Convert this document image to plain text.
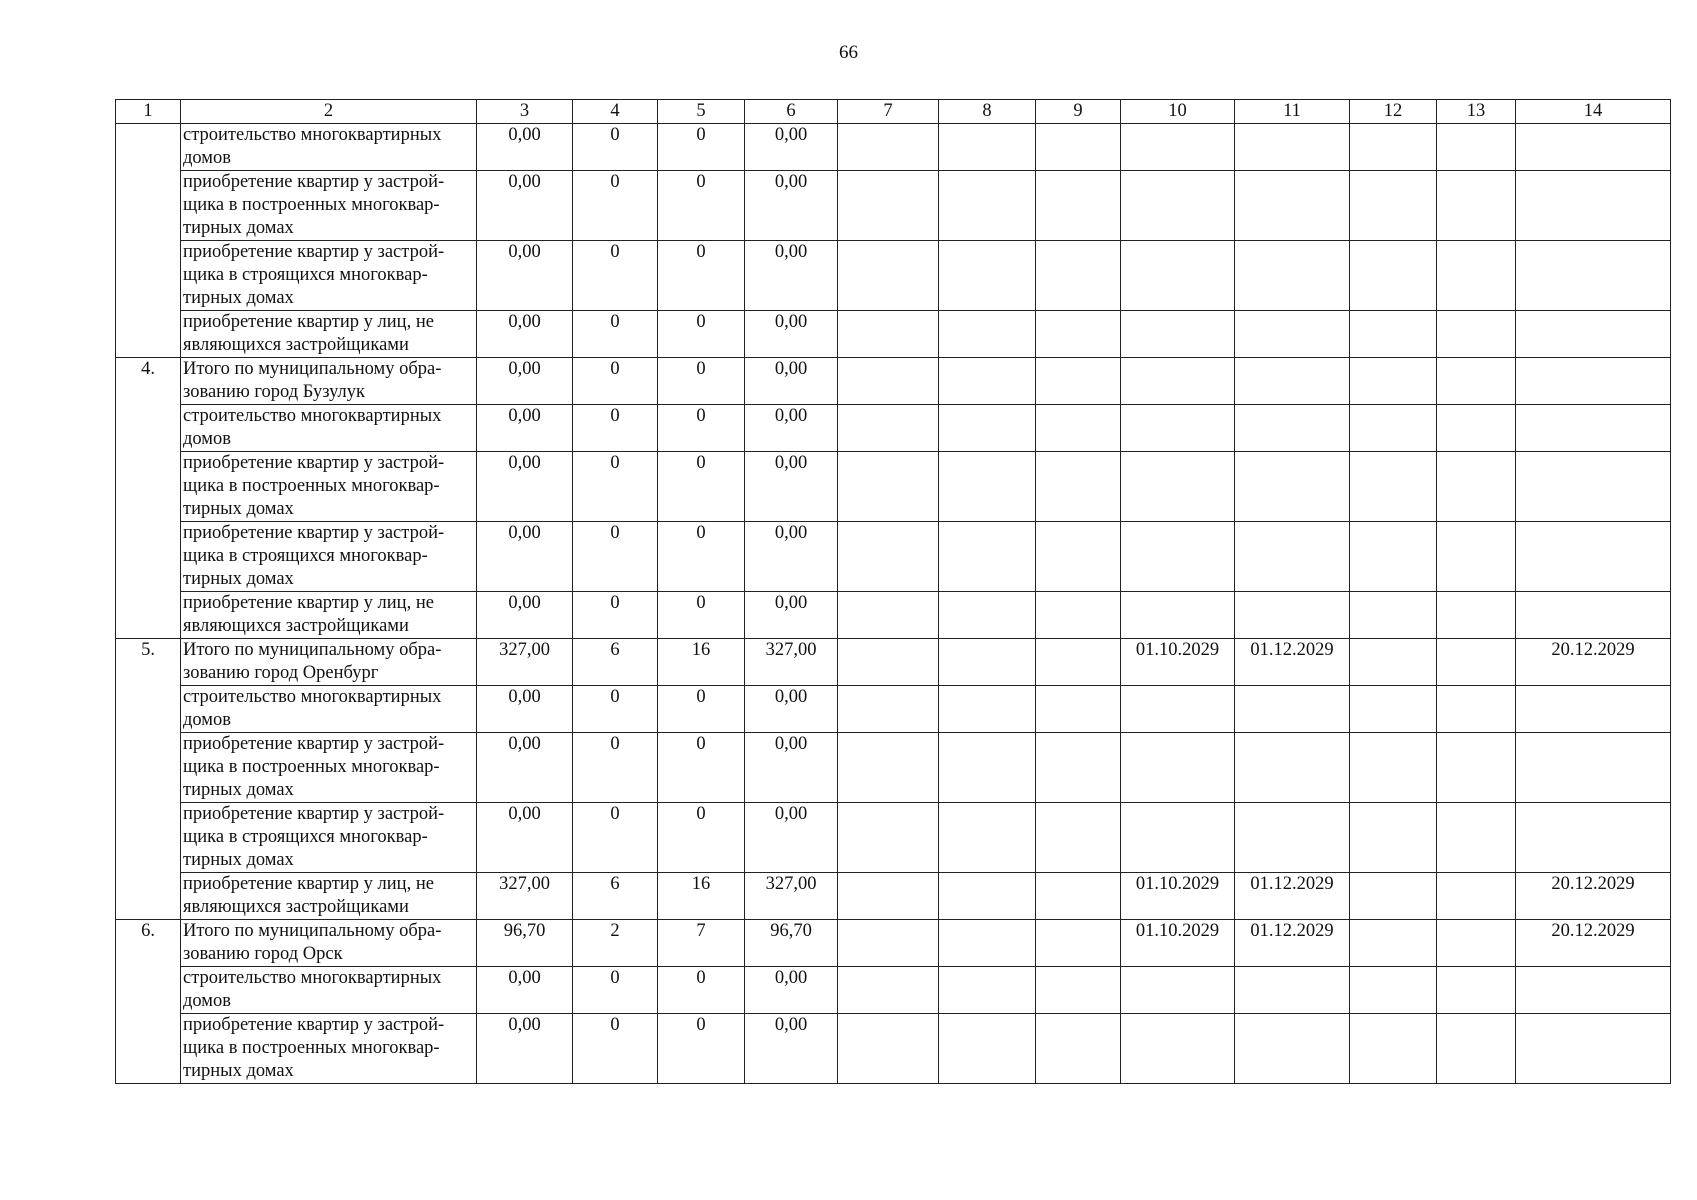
66
1	2	3	4	5	6	7	8	9	10	11	12	13	14
	строительство многоквартирных домов	0,00	0	0	0,00								
	приобретение квартир у застрой-щика в построенных многоквар-тирных домах	0,00	0	0	0,00								
	приобретение квартир у застрой-щика в строящихся многоквар-тирных домах	0,00	0	0	0,00								
	приобретение квартир у лиц, не являющихся застройщиками	0,00	0	0	0,00								
4.	Итого по муниципальному обра-зованию город Бузулук	0,00	0	0	0,00								
	строительство многоквартирных домов	0,00	0	0	0,00								
	приобретение квартир у застрой-щика в построенных многоквар-тирных домах	0,00	0	0	0,00								
	приобретение квартир у застрой-щика в строящихся многоквар-тирных домах	0,00	0	0	0,00								
	приобретение квартир у лиц, не являющихся застройщиками	0,00	0	0	0,00								
5.	Итого по муниципальному обра-зованию город Оренбург	327,00	6	16	327,00				01.10.2029	01.12.2029			20.12.2029
	строительство многоквартирных домов	0,00	0	0	0,00								
	приобретение квартир у застрой-щика в построенных многоквар-тирных домах	0,00	0	0	0,00								
	приобретение квартир у застрой-щика в строящихся многоквар-тирных домах	0,00	0	0	0,00								
	приобретение квартир у лиц, не являющихся застройщиками	327,00	6	16	327,00				01.10.2029	01.12.2029			20.12.2029
6.	Итого по муниципальному обра-зованию город Орск	96,70	2	7	96,70				01.10.2029	01.12.2029			20.12.2029
	строительство многоквартирных домов	0,00	0	0	0,00								
	приобретение квартир у застрой-щика в построенных многоквар-тирных домах	0,00	0	0	0,00								
